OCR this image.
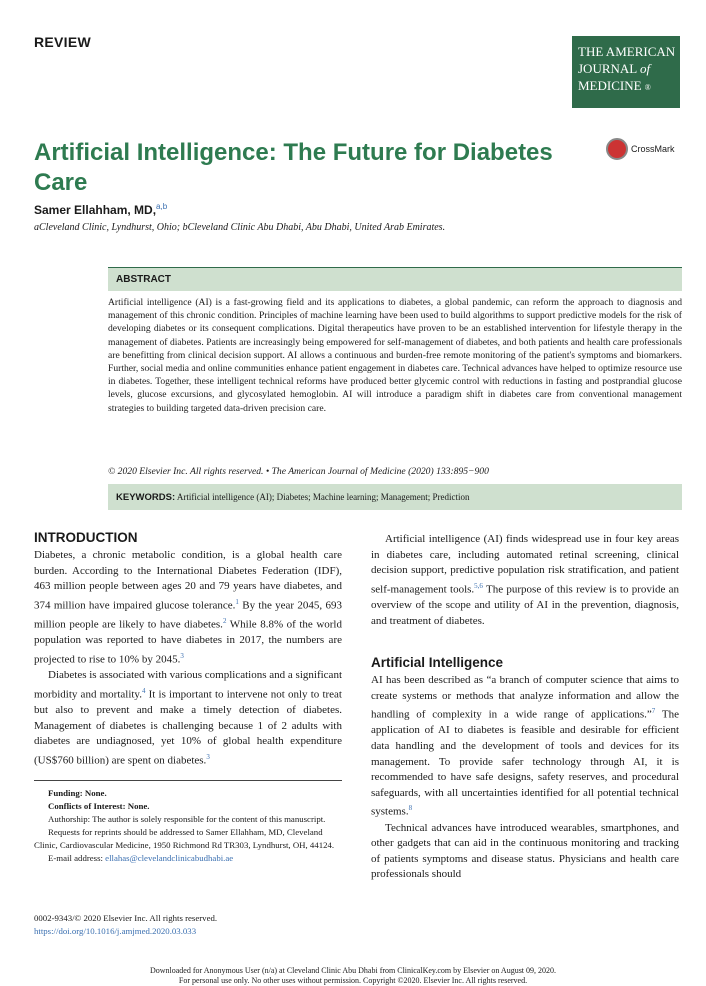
REVIEW
THE AMERICAN
JOURNAL of
MEDICINE ®
CrossMark
Artificial Intelligence: The Future for Diabetes Care
Samer Ellahham, MD,$^{a,b}$
aCleveland Clinic, Lyndhurst, Ohio; bCleveland Clinic Abu Dhabi, Abu Dhabi, United Arab Emirates.
ABSTRACT
Artificial intelligence (AI) is a fast-growing field and its applications to diabetes, a global pandemic, can reform the approach to diagnosis and management of this chronic condition. Principles of machine learning have been used to build algorithms to support predictive models for the risk of developing diabetes or its consequent complications. Digital therapeutics have proven to be an established intervention for lifestyle therapy in the management of diabetes. Patients are increasingly being empowered for self-management of diabetes, and both patients and health care professionals are benefitting from clinical decision support. AI allows a continuous and burden-free remote monitoring of the patient's symptoms and biomarkers. Further, social media and online communities enhance patient engagement in diabetes care. Technical advances have helped to optimize resource use in diabetes. Together, these intelligent technical reforms have produced better glycemic control with reductions in fasting and postprandial glucose levels, glucose excursions, and glycosylated hemoglobin. AI will introduce a paradigm shift in diabetes care from conventional management strategies to building targeted data-driven precision care.
© 2020 Elsevier Inc. All rights reserved. • The American Journal of Medicine (2020) 133:895−900
KEYWORDS: Artificial intelligence (AI); Diabetes; Machine learning; Management; Prediction
INTRODUCTION

Diabetes, a chronic metabolic condition, is a global health care burden. According to the International Diabetes Federation (IDF), 463 million people between ages 20 and 79 years have diabetes, and 374 million have impaired glucose tolerance.$^1$ By the year 2045, 693 million people are likely to have diabetes.$^2$ While 8.8% of the world population was reported to have diabetes in 2017, the numbers are projected to rise to 10% by 2045.$^3$

Diabetes is associated with various complications and a significant morbidity and mortality.$^4$ It is important to intervene not only to treat but also to prevent and make a timely detection of diabetes. Management of diabetes is challenging because 1 of 2 adults with diabetes are undiagnosed, yet 10% of global health expenditure (US$760 billion) are spent on diabetes.$^3$

Artificial intelligence (AI) finds widespread use in four key areas in diabetes care, including automated retinal screening, clinical decision support, predictive population risk stratification, and patient self-management tools.$^{5,6}$ The purpose of this review is to provide an overview of the scope and utility of AI in the prevention, diagnosis, and treatment of diabetes.

Artificial Intelligence

AI has been described as “a branch of computer science that aims to create systems or methods that analyze information and allow the handling of complexity in a wide range of applications.”$^7$ The application of AI to diabetes is feasible and desirable for efficient data handling and the development of tools and devices for its management. To provide safer technology through AI, it is recommended to have safe designs, safety reserves, and procedural safeguards, with all uncertainties identified for all potential technical systems.$^8$

Technical advances have introduced wearables, smartphones, and other gadgets that can aid in the continuous monitoring and tracking of patients symptoms and disease status. Physicians and health care professionals should

Funding: None.

Conflicts of Interest: None.

Authorship: The author is solely responsible for the content of this manuscript.

Requests for reprints should be addressed to Samer Ellahham, MD, Cleveland Clinic, Cardiovascular Medicine, 1950 Richmond Rd TR303, Lyndhurst, OH, 44124.

E-mail address: ellahas@clevelandclinicabudhabi.ae

0002-9343/© 2020 Elsevier Inc. All rights reserved.
https://doi.org/10.1016/j.amjmed.2020.03.033
Downloaded for Anonymous User (n/a) at Cleveland Clinic Abu Dhabi from ClinicalKey.com by Elsevier on August 09, 2020.
For personal use only. No other uses without permission. Copyright ©2020. Elsevier Inc. All rights reserved.
